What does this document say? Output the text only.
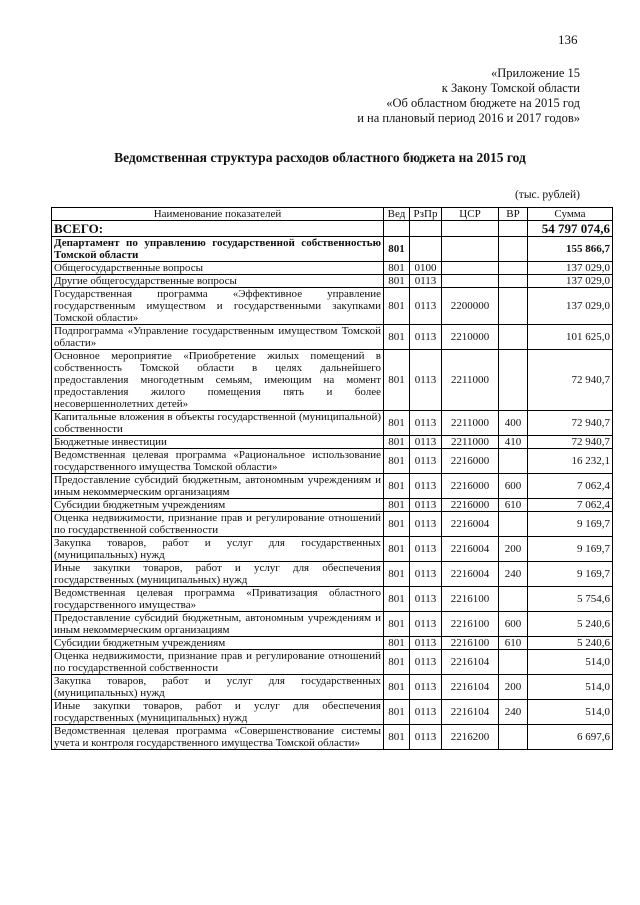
136
«Приложение 15
к Закону Томской области
«Об областном бюджете на 2015 год
и на плановый период 2016 и 2017 годов»
Ведомственная структура расходов областного бюджета на 2015 год
(тыс. рублей)
Наименование показателей	Вед	РзПр	ЦСР	ВР	Сумма
ВСЕГО:					54 797 074,6
Департамент по управлению государственной собственностью Томской области	801				155 866,7
Общегосударственные вопросы	801	0100			137 029,0
Другие общегосударственные вопросы	801	0113			137 029,0
Государственная программа «Эффективное управление государственным имуществом и государственными закупками Томской области»	801	0113	2200000		137 029,0
Подпрограмма «Управление государственным имуществом Томской области»	801	0113	2210000		101 625,0
Основное мероприятие «Приобретение жилых помещений в собственность Томской области в целях дальнейшего предоставления многодетным семьям, имеющим на момент предоставления жилого помещения пять и более несовершеннолетних детей»	801	0113	2211000		72 940,7
Капитальные вложения в объекты государственной (муниципальной) собственности	801	0113	2211000	400	72 940,7
Бюджетные инвестиции	801	0113	2211000	410	72 940,7
Ведомственная целевая программа «Рациональное использование государственного имущества Томской области»	801	0113	2216000		16 232,1
Предоставление субсидий бюджетным, автономным учреждениям и иным некоммерческим организациям	801	0113	2216000	600	7 062,4
Субсидии бюджетным учреждениям	801	0113	2216000	610	7 062,4
Оценка недвижимости, признание прав и регулирование отношений по государственной собственности	801	0113	2216004		9 169,7
Закупка товаров, работ и услуг для государственных (муниципальных) нужд	801	0113	2216004	200	9 169,7
Иные закупки товаров, работ и услуг для обеспечения государственных (муниципальных) нужд	801	0113	2216004	240	9 169,7
Ведомственная целевая программа «Приватизация областного государственного имущества»	801	0113	2216100		5 754,6
Предоставление субсидий бюджетным, автономным учреждениям и иным некоммерческим организациям	801	0113	2216100	600	5 240,6
Субсидии бюджетным учреждениям	801	0113	2216100	610	5 240,6
Оценка недвижимости, признание прав и регулирование отношений по государственной собственности	801	0113	2216104		514,0
Закупка товаров, работ и услуг для государственных (муниципальных) нужд	801	0113	2216104	200	514,0
Иные закупки товаров, работ и услуг для обеспечения государственных (муниципальных) нужд	801	0113	2216104	240	514,0
Ведомственная целевая программа «Совершенствование системы учета и контроля государственного имущества Томской области»	801	0113	2216200		6 697,6
